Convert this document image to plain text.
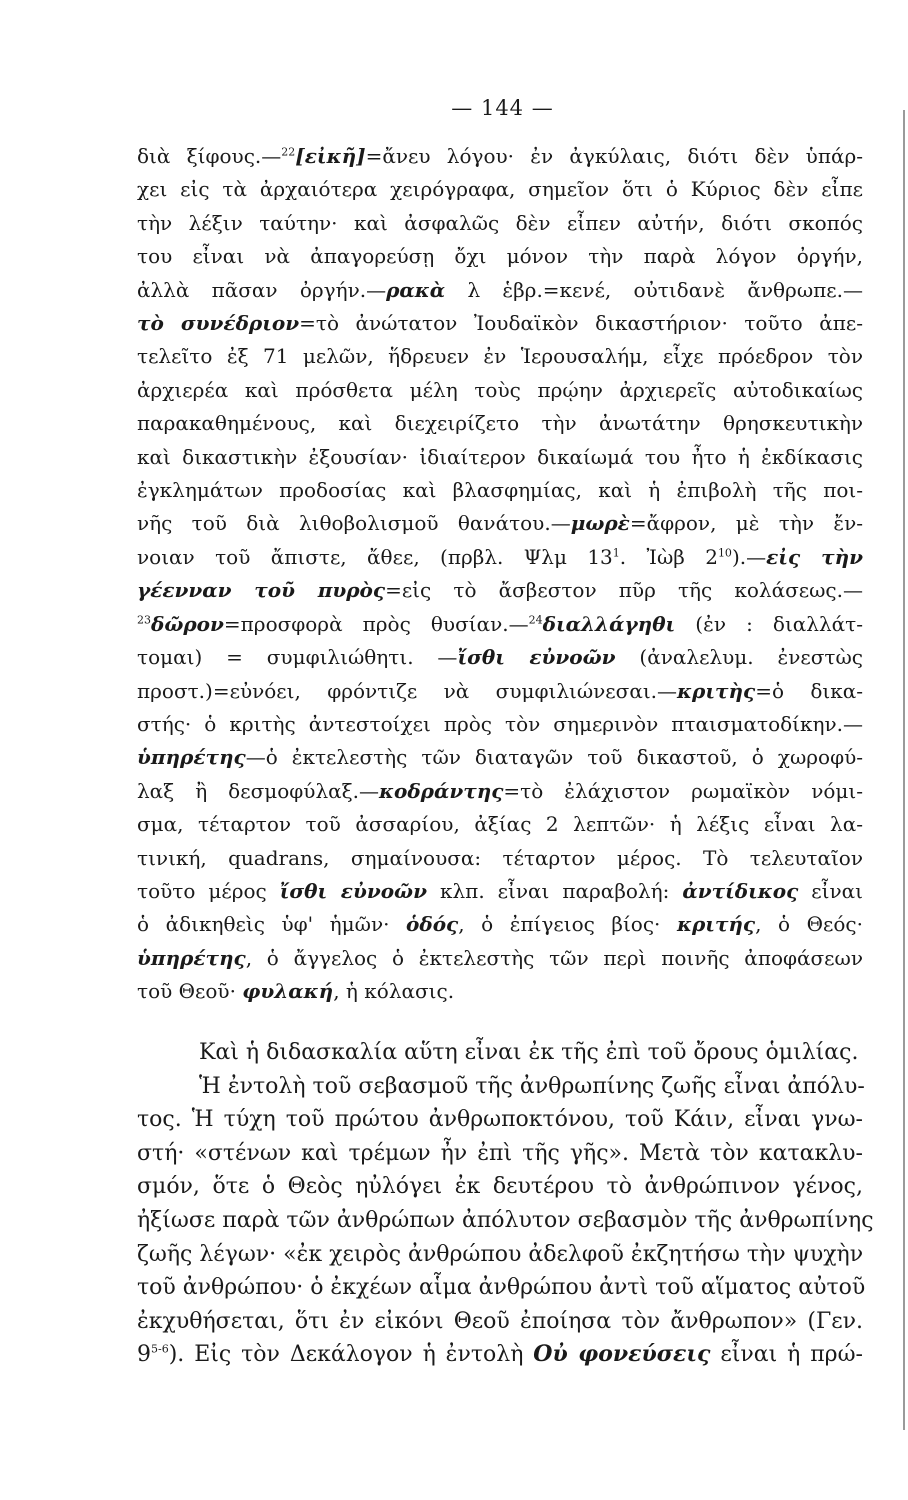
— 144 —
διὰ ξίφους.—$^{22}$[εἰκῆ]=ἄνευ λόγου· ἐν ἀγκύλαις, διότι δὲν ὑπάρ-
χει εἰς τὰ ἀρχαιότερα χειρόγραφα, σημεῖον ὅτι ὁ Κύριος δὲν εἶπε
τὴν λέξιν ταύτην· καὶ ἀσφαλῶς δὲν εἶπεν αὐτήν, διότι σκοπός
του εἶναι νὰ ἀπαγορεύσῃ ὄχι μόνον τὴν παρὰ λόγον ὀργήν,
ἀλλὰ πᾶσαν ὀργήν.—ρακὰ λ ἑβρ.=κενέ, οὐτιδανὲ ἄνθρωπε.—
τὸ συνέδριον=τὸ ἀνώτατον Ἰουδαϊκὸν δικαστήριον· τοῦτο ἀπε-
τελεῖτο ἐξ 71 μελῶν, ἥδρευεν ἐν Ἱερουσαλήμ, εἶχε πρόεδρον τὸν
ἀρχιερέα καὶ πρόσθετα μέλη τοὺς πρῴην ἀρχιερεῖς αὐτοδικαίως
παρακαθημένους, καὶ διεχειρίζετο τὴν ἀνωτάτην θρησκευτικὴν
καὶ δικαστικὴν ἐξουσίαν· ἰδιαίτερον δικαίωμά του ἦτο ἡ ἐκδίκασις
ἐγκλημάτων προδοσίας καὶ βλασφημίας, καὶ ἡ ἐπιβολὴ τῆς ποι-
νῆς τοῦ διὰ λιθοβολισμοῦ θανάτου.—μωρὲ=ἄφρον, μὲ τὴν ἔν-
νοιαν τοῦ ἄπιστε, ἄθεε, (πρβλ. Ψλμ $13^1$. Ἰὼβ $2^{10}).—\varepsilon ἰ\varsigma$ τὴν
γέενναν τοῦ πυρὸς=εἰς τὸ ἄσβεστον πῦρ τῆς κολάσεως.—
$^{23}$δῶρον=προσφορὰ πρὸς θυσίαν.—$^{24}$διαλλάγηθι (ἐν : διαλλάτ-
τομαι) = συμφιλιώθητι. —ἴσθι εὐνοῶν (ἀναλελυμ. ἐνεστὼς
προστ.)=εὐνόει, φρόντιζε νὰ συμφιλιώνεσαι.—κριτὴς=ὁ δικα-
στής· ὁ κριτὴς ἀντεστοίχει πρὸς τὸν σημερινὸν πταισματοδίκην.—
ὑπηρέτης—ὁ ἐκτελεστὴς τῶν διαταγῶν τοῦ δικαστοῦ, ὁ χωροφύ-
λαξ ἢ δεσμοφύλαξ.—κοδράντης=τὸ ἐλάχιστον ρωμαϊκὸν νόμι-
σμα, τέταρτον τοῦ ἀσσαρίου, ἀξίας 2 λεπτῶν· ἡ λέξις εἶναι λα-
τινική, quadrans, σημαίνουσα: τέταρτον μέρος. Τὸ τελευταῖον
τοῦτο μέρος ἴσθι εὐνοῶν κλπ. εἶναι παραβολή: ἀντίδικος εἶναι
ὁ ἀδικηθεὶς ὑφ' ἡμῶν· ὁδός, ὁ ἐπίγειος βίος· κριτής, ὁ Θεός·
ὑπηρέτης, ὁ ἄγγελος ὁ ἐκτελεστὴς τῶν περὶ ποινῆς ἀποφάσεων
τοῦ Θεοῦ· φυλακή, ἡ κόλασις.
Καὶ ἡ διδασκαλία αὕτη εἶναι ἐκ τῆς ἐπὶ τοῦ ὄρους ὁμιλίας.
Ἡ ἐντολὴ τοῦ σεβασμοῦ τῆς ἀνθρωπίνης ζωῆς εἶναι ἀπόλυ-
τος. Ἡ τύχη τοῦ πρώτου ἀνθρωποκτόνου, τοῦ Κάιν, εἶναι γνω-
στή· «στένων καὶ τρέμων ἦν ἐπὶ τῆς γῆς». Μετὰ τὸν κατακλυ-
σμόν, ὅτε ὁ Θεὸς ηὐλόγει ἐκ δευτέρου τὸ ἀνθρώπινον γένος,
ἠξίωσε παρὰ τῶν ἀνθρώπων ἀπόλυτον σεβασμὸν τῆς ἀνθρωπίνης
ζωῆς λέγων· «ἐκ χειρὸς ἀνθρώπου ἀδελφοῦ ἐκζητήσω τὴν ψυχὴν
τοῦ ἀνθρώπου· ὁ ἐκχέων αἷμα ἀνθρώπου ἀντὶ τοῦ αἵματος αὐτοῦ
ἐκχυθήσεται, ὅτι ἐν εἰκόνι Θεοῦ ἐποίησα τὸν ἄνθρωπον» (Γεν.
9$^{5-6}$). Εἰς τὸν Δεκάλογον ἡ ἐντολὴ Οὐ φονεύσεις εἶναι ἡ πρώ-
